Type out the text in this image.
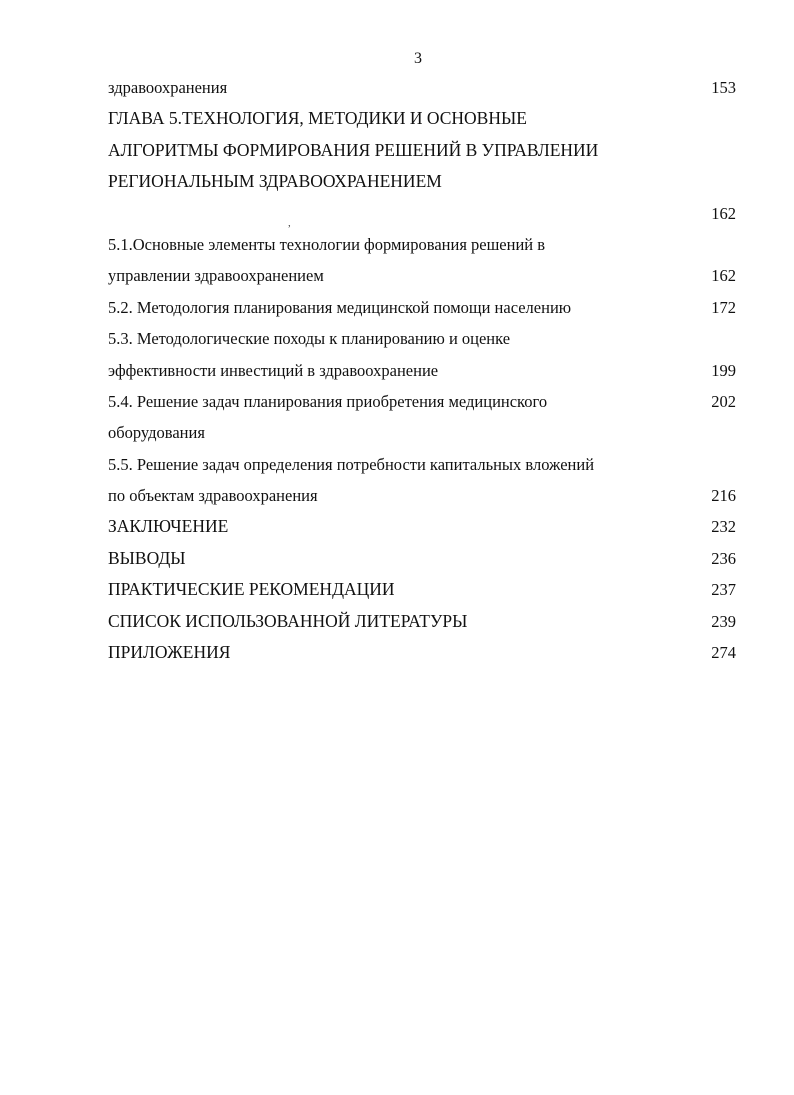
3
здравоохранения	153
ГЛАВА 5.ТЕХНОЛОГИЯ, МЕТОДИКИ И ОСНОВНЫЕ
АЛГОРИТМЫ ФОРМИРОВАНИЯ РЕШЕНИЙ В УПРАВЛЕНИИ
РЕГИОНАЛЬНЫМ ЗДРАВООХРАНЕНИЕМ
,	162
5.1.Основные элементы технологии формирования решений в
управлении здравоохранением	162
5.2. Методология планирования медицинской помощи населению	172
5.3. Методологические походы к планированию и оценке
эффективности инвестиций в здравоохранение	199
5.4. Решение задач планирования приобретения медицинского	202
оборудования
5.5. Решение задач определения потребности капитальных вложений
по объектам здравоохранения	216
ЗАКЛЮЧЕНИЕ	232
ВЫВОДЫ	236
ПРАКТИЧЕСКИЕ РЕКОМЕНДАЦИИ	237
СПИСОК ИСПОЛЬЗОВАННОЙ ЛИТЕРАТУРЫ	239
ПРИЛОЖЕНИЯ	274
